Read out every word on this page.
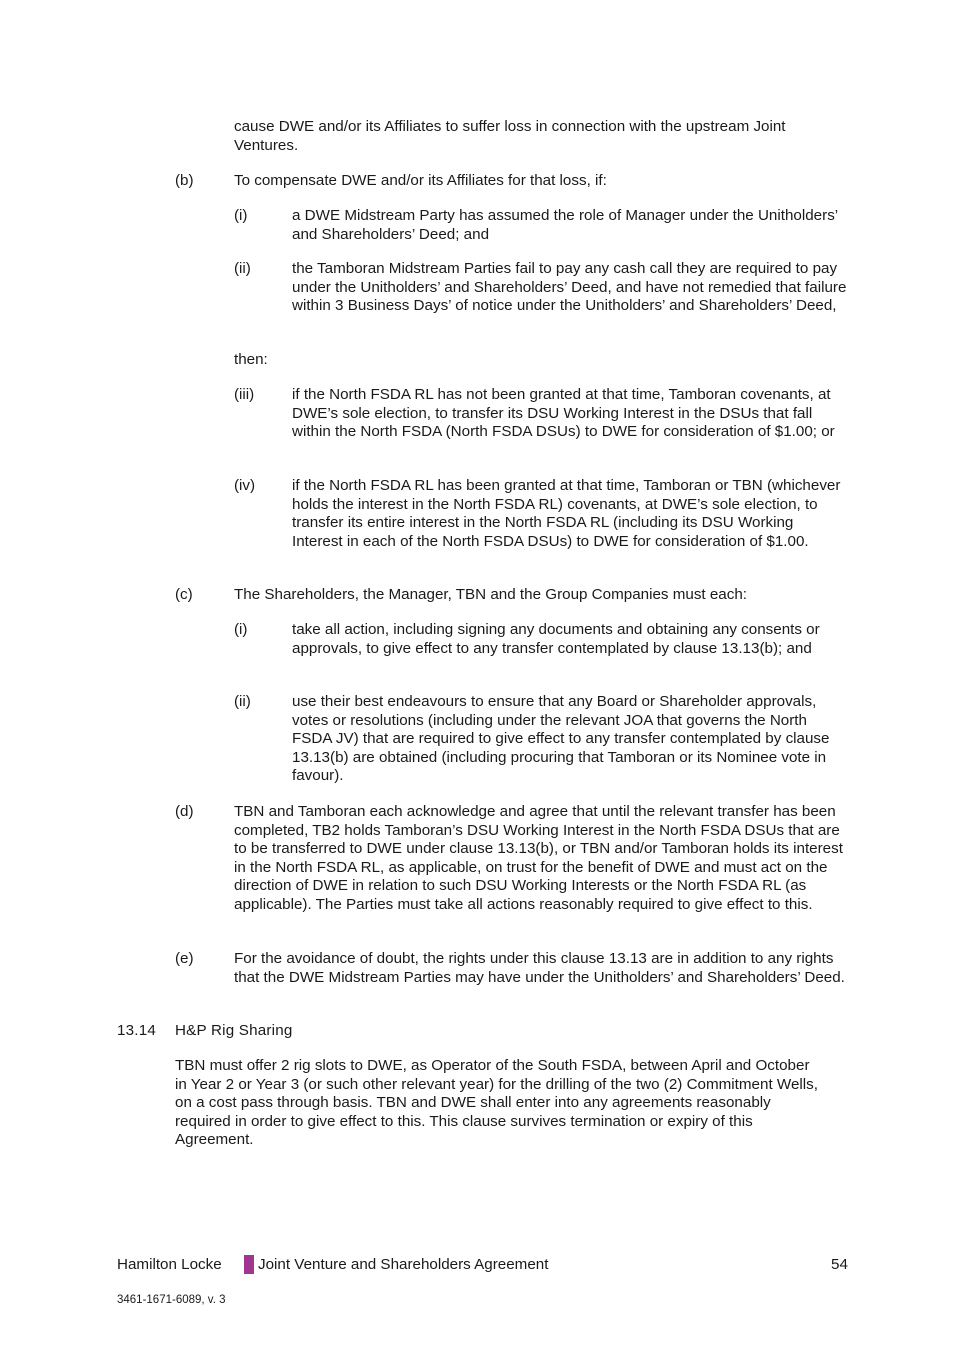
cause DWE and/or its Affiliates to suffer loss in connection with the upstream Joint Ventures.

(b)	To compensate DWE and/or its Affiliates for that loss, if:

(i)	a DWE Midstream Party has assumed the role of Manager under the Unitholders’ and Shareholders’ Deed; and

(ii)	the Tamboran Midstream Parties fail to pay any cash call they are required to pay under the Unitholders’ and Shareholders’ Deed, and have not remedied that failure within 3 Business Days’ of notice under the Unitholders’ and Shareholders’ Deed,

then:

(iii) if the North FSDA RL has not been granted at that time, Tamboran covenants, at DWE’s sole election, to transfer its DSU Working Interest in the DSUs that fall within the North FSDA (North FSDA DSUs) to DWE for consideration of $1.00; or

(iv) if the North FSDA RL has been granted at that time, Tamboran or TBN (whichever holds the interest in the North FSDA RL) covenants, at DWE’s sole election, to transfer its entire interest in the North FSDA RL (including its DSU Working Interest in each of the North FSDA DSUs) to DWE for consideration of $1.00.

(c)	The Shareholders, the Manager, TBN and the Group Companies must each:

(i)	take all action, including signing any documents and obtaining any consents or approvals, to give effect to any transfer contemplated by clause 13.13(b); and

(ii)	use their best endeavours to ensure that any Board or Shareholder approvals, votes or resolutions (including under the relevant JOA that governs the North FSDA JV) that are required to give effect to any transfer contemplated by clause 13.13(b) are obtained (including procuring that Tamboran or its Nominee vote in favour).

(d)	TBN and Tamboran each acknowledge and agree that until the relevant transfer has been completed, TB2 holds Tamboran’s DSU Working Interest in the North FSDA DSUs that are to be transferred to DWE under clause 13.13(b), or TBN and/or Tamboran holds its interest in the North FSDA RL, as applicable, on trust for the benefit of DWE and must act on the direction of DWE in relation to such DSU Working Interests or the North FSDA RL (as applicable). The Parties must take all actions reasonably required to give effect to this.

(e)	For the avoidance of doubt, the rights under this clause 13.13 are in addition to any rights that the DWE Midstream Parties may have under the Unitholders’ and Shareholders’ Deed.

13.14 H&P Rig Sharing

TBN must offer 2 rig slots to DWE, as Operator of the South FSDA, between April and October in Year 2 or Year 3 (or such other relevant year) for the drilling of the two (2) Commitment Wells, on a cost pass through basis. TBN and DWE shall enter into any agreements reasonably required in order to give effect to this. This clause survives termination or expiry of this Agreement.

Hamilton Locke Joint Venture and Shareholders Agreement	54
3461-1671-6089, v. 3
